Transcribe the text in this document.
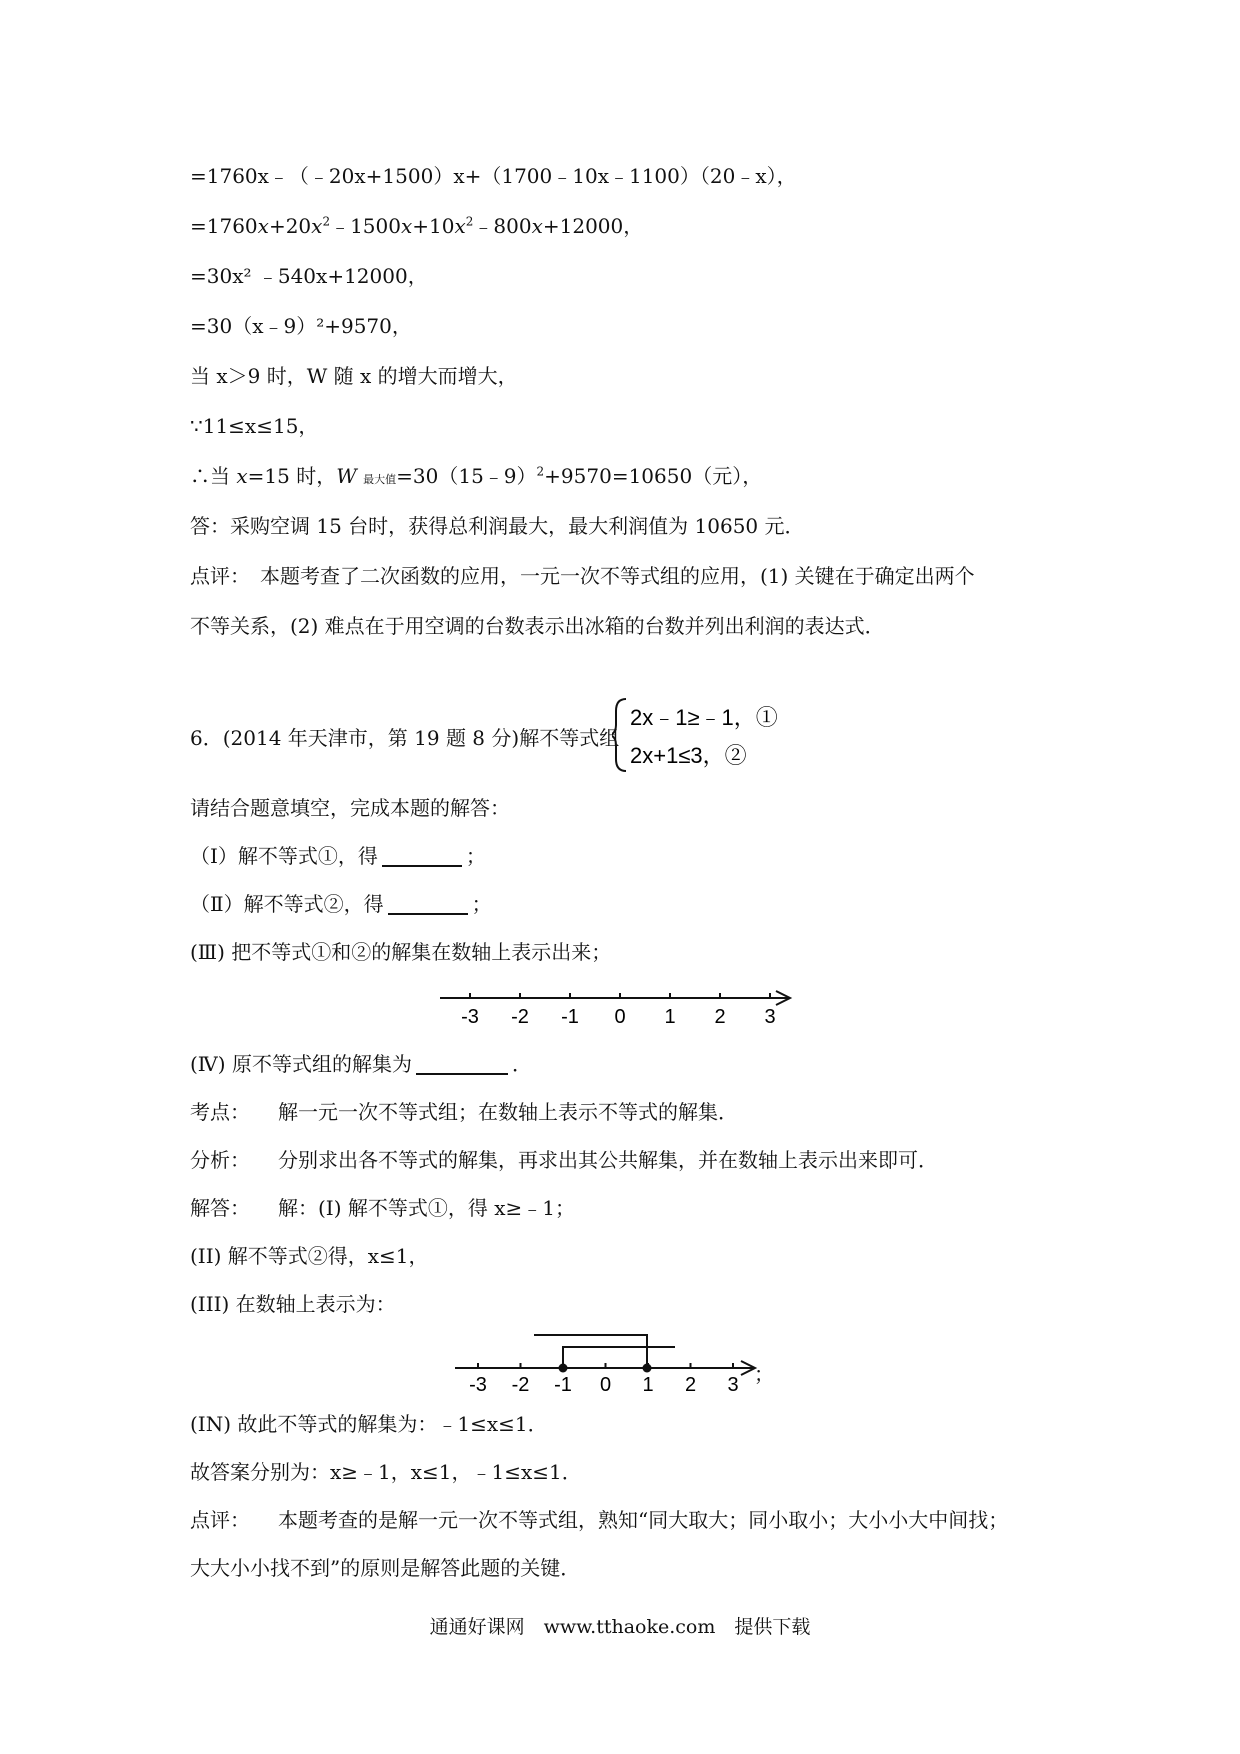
=1760x﹣（﹣20x+1500）x+（1700﹣10x﹣1100）（20﹣x），
$=1760x+20x^2﹣1500x+10x^2﹣800x+12000$，
=30x² ﹣540x+12000，
=30（x﹣9）²+9570，
当 x＞9 时，W 随 x 的增大而增大，
∵11≤x≤15，
∴当 x=15 时，W 最大值=30（15﹣9）$^2$+9570=10650（元），
答：采购空调 15 台时，获得总利润最大，最大利润值为 10650 元．
点评：　本题考查了二次函数的应用，一元一次不等式组的应用，(1) 关键在于确定出两个
不等关系，(2) 难点在于用空调的台数表示出冰箱的台数并列出利润的表达式．
6．(2014 年天津市，第 19 题 8 分)解不等式组
2x﹣1≥﹣1，①
2x+1≤3，②
请结合题意填空，完成本题的解答：
（Ⅰ）解不等式①，得	；
（Ⅱ）解不等式②，得	；
(Ⅲ) 把不等式①和②的解集在数轴上表示出来；
-3 -2 -1 0 1 2 3
(Ⅳ) 原不等式组的解集为	．
考点： 解一元一次不等式组；在数轴上表示不等式的解集．
分析： 分别求出各不等式的解集，再求出其公共解集，并在数轴上表示出来即可．
解答： 解：(I) 解不等式①，得 x≥﹣1；
(II) 解不等式②得，x≤1，
(III) 在数轴上表示为：
-3 -2 -1 0 1 2 3 ；
(IN) 故此不等式的解集为：﹣1≤x≤1．
故答案分别为：x≥﹣1，x≤1，﹣1≤x≤1．
点评： 本题考查的是解一元一次不等式组，熟知“同大取大；同小取小；大小小大中间找；
大大小小找不到”的原则是解答此题的关键．
通通好课网　www.tthaoke.com　提供下载
